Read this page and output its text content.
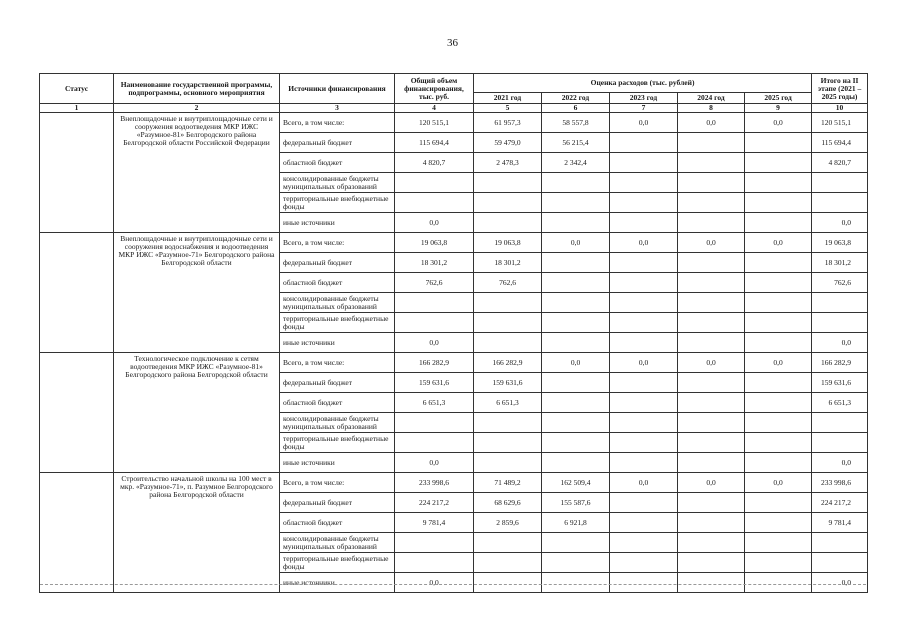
36
Статус	Наименование государственной программы, подпрограммы, основного мероприятия	Источники финансирования	Общий объем финансирования, тыс. руб.	Оценка расходов (тыс. рублей)					Итого на II этапе (2021 – 2025 годы)
				2021 год	2022 год	2023 год	2024 год	2025 год	
1	2	3	4	5	6	7	8	9	10
	Внеплощадочные и внутриплощадочные сети и сооружения водоотведения МКР ИЖС «Разумное-81» Белгородского района Белгородской области Российской Федерации	Всего, в том числе:	120 515,1	61 957,3	58 557,8	0,0	0,0	0,0	120 515,1
		федеральный бюджет	115 694,4	59 479,0	56 215,4				115 694,4
		областной бюджет	4 820,7	2 478,3	2 342,4				4 820,7
		консолидированные бюджеты муниципальных образований							
		территориальные внебюджетные фонды							
		иные источники	0,0						0,0
	Внеплощадочные и внутриплощадочные сети и сооружения водоснабжения и водоотведения МКР ИЖС «Разумное-71» Белгородского района Белгородской области	Всего, в том числе:	19 063,8	19 063,8	0,0	0,0	0,0	0,0	19 063,8
		федеральный бюджет	18 301,2	18 301,2					18 301,2
		областной бюджет	762,6	762,6					762,6
		консолидированные бюджеты муниципальных образований							
		территориальные внебюджетные фонды							
		иные источники	0,0						0,0
	Технологическое подключение к сетям водоотведения МКР ИЖС «Разумное-81» Белгородского района Белгородской области	Всего, в том числе:	166 282,9	166 282,9	0,0	0,0	0,0	0,0	166 282,9
		федеральный бюджет	159 631,6	159 631,6					159 631,6
		областной бюджет	6 651,3	6 651,3					6 651,3
		консолидированные бюджеты муниципальных образований							
		территориальные внебюджетные фонды							
		иные источники	0,0						0,0
	Строительство начальной школы на 100 мест в мкр. «Разумное-71», п. Разумное Белгородского района Белгородской области	Всего, в том числе:	233 998,6	71 489,2	162 509,4	0,0	0,0	0,0	233 998,6
		федеральный бюджет	224 217,2	68 629,6	155 587,6				224 217,2
		областной бюджет	9 781,4	2 859,6	6 921,8				9 781,4
		консолидированные бюджеты муниципальных образований							
		территориальные внебюджетные фонды							
		иные источники	0,0						0,0
